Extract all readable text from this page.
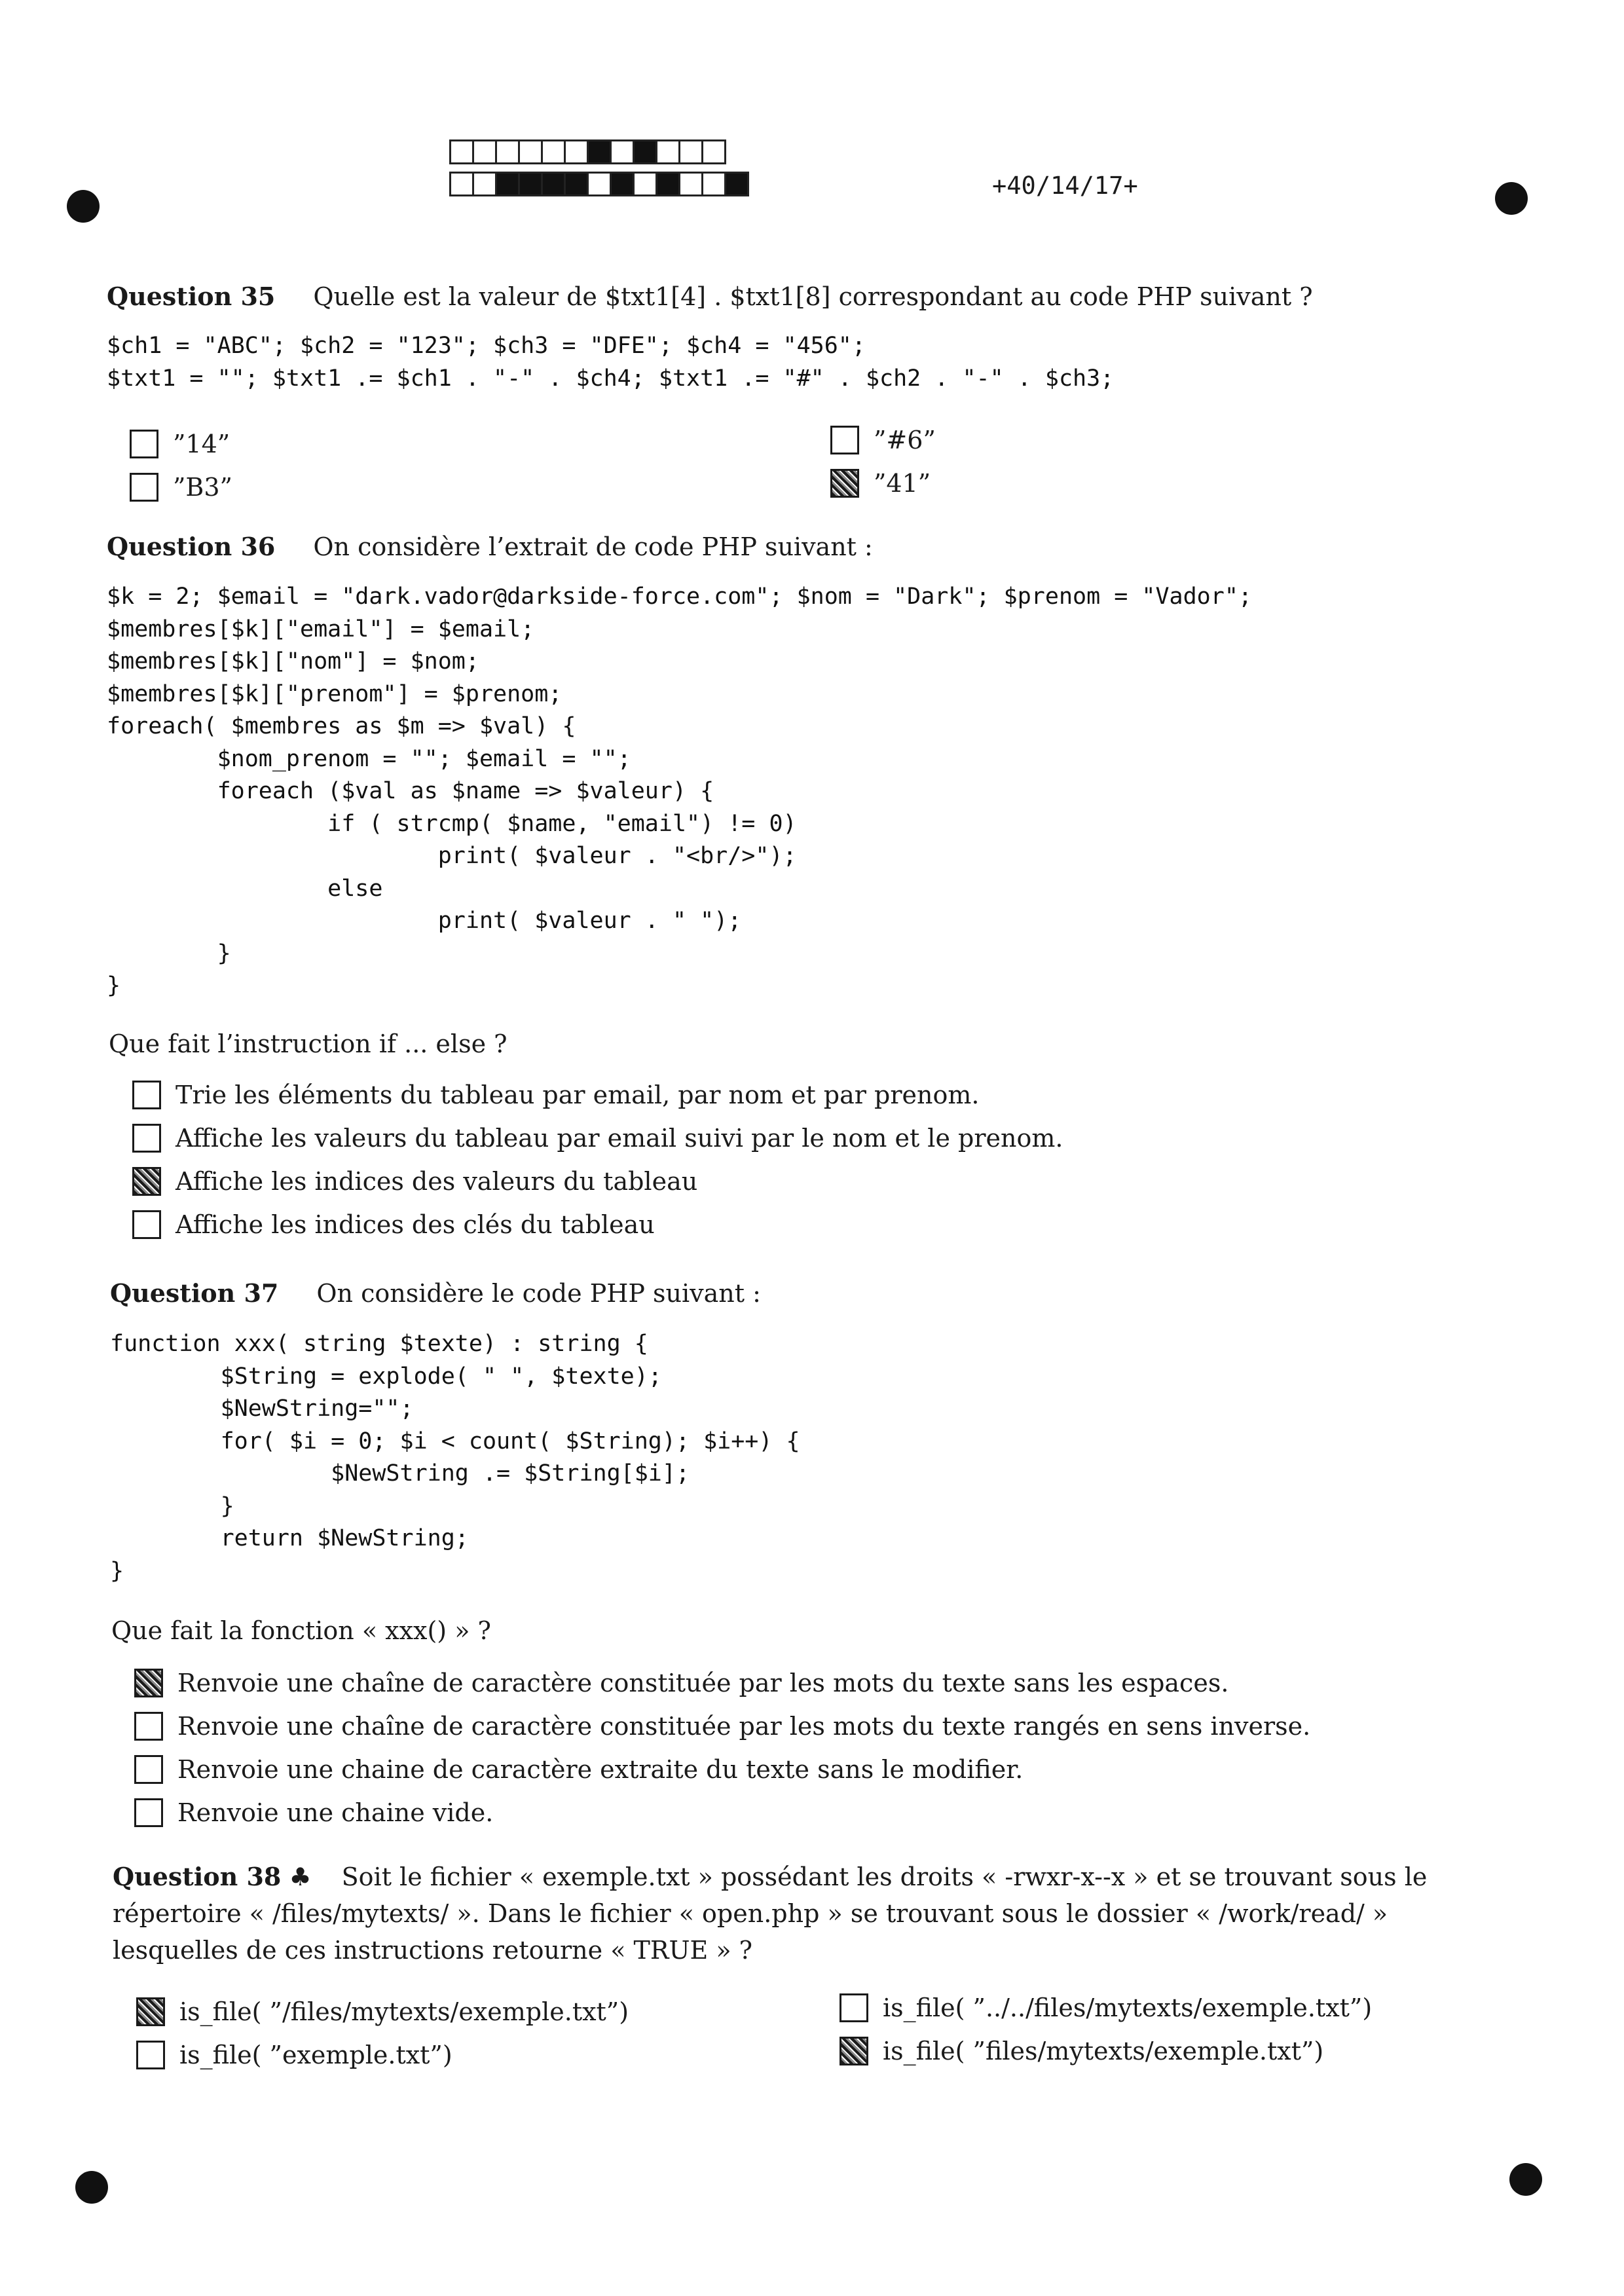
+40/14/17+
Question 35 Quelle est la valeur de $txt1[4] . $txt1[8] correspondant au code PHP suivant ?
$ch1 = "ABC"; $ch2 = "123"; $ch3 = "DFE"; $ch4 = "456";
$txt1 = ""; $txt1 .= $ch1 . "-" . $ch4; $txt1 .= "#" . $ch2 . "-" . $ch3;
”14”	”#6”
”B3”	”41”
Question 36 On considère l’extrait de code PHP suivant :
$k = 2; $email = "dark.vador@darkside-force.com"; $nom = "Dark"; $prenom = "Vador";
$membres[$k]["email"] = $email;
$membres[$k]["nom"] = $nom;
$membres[$k]["prenom"] = $prenom;
foreach( $membres as $m => $val) {
$nom_prenom = ""; $email = "";
foreach ($val as $name => $valeur) {
if ( strcmp( $name, "email") != 0)
print( $valeur . "<br/>");
else
print( $valeur . " ");
}
}
Que fait l’instruction if ... else ?
Trie les éléments du tableau par email, par nom et par prenom.
Affiche les valeurs du tableau par email suivi par le nom et le prenom.
Affiche les indices des valeurs du tableau
Affiche les indices des clés du tableau
Question 37 On considère le code PHP suivant :
function xxx( string $texte) : string {
$String = explode( " ", $texte);
$NewString="";
for( $i = 0; $i < count( $String); $i++) {
$NewString .= $String[$i];
}
return $NewString;
}
Que fait la fonction « xxx() » ?
Renvoie une chaîne de caractère constituée par les mots du texte sans les espaces.
Renvoie une chaîne de caractère constituée par les mots du texte rangés en sens inverse.
Renvoie une chaine de caractère extraite du texte sans le modifier.
Renvoie une chaine vide.
Question 38 ♣ Soit le fichier « exemple.txt » possédant les droits « -rwxr-x--x » et se trouvant sous le répertoire « /files/mytexts/ ». Dans le fichier « open.php » se trouvant sous le dossier « /work/read/ » lesquelles de ces instructions retourne « TRUE » ?
is_file( ”/files/mytexts/exemple.txt”)	is_file( ”../../files/mytexts/exemple.txt”)
is_file( ”exemple.txt”)	is_file( ”files/mytexts/exemple.txt”)
